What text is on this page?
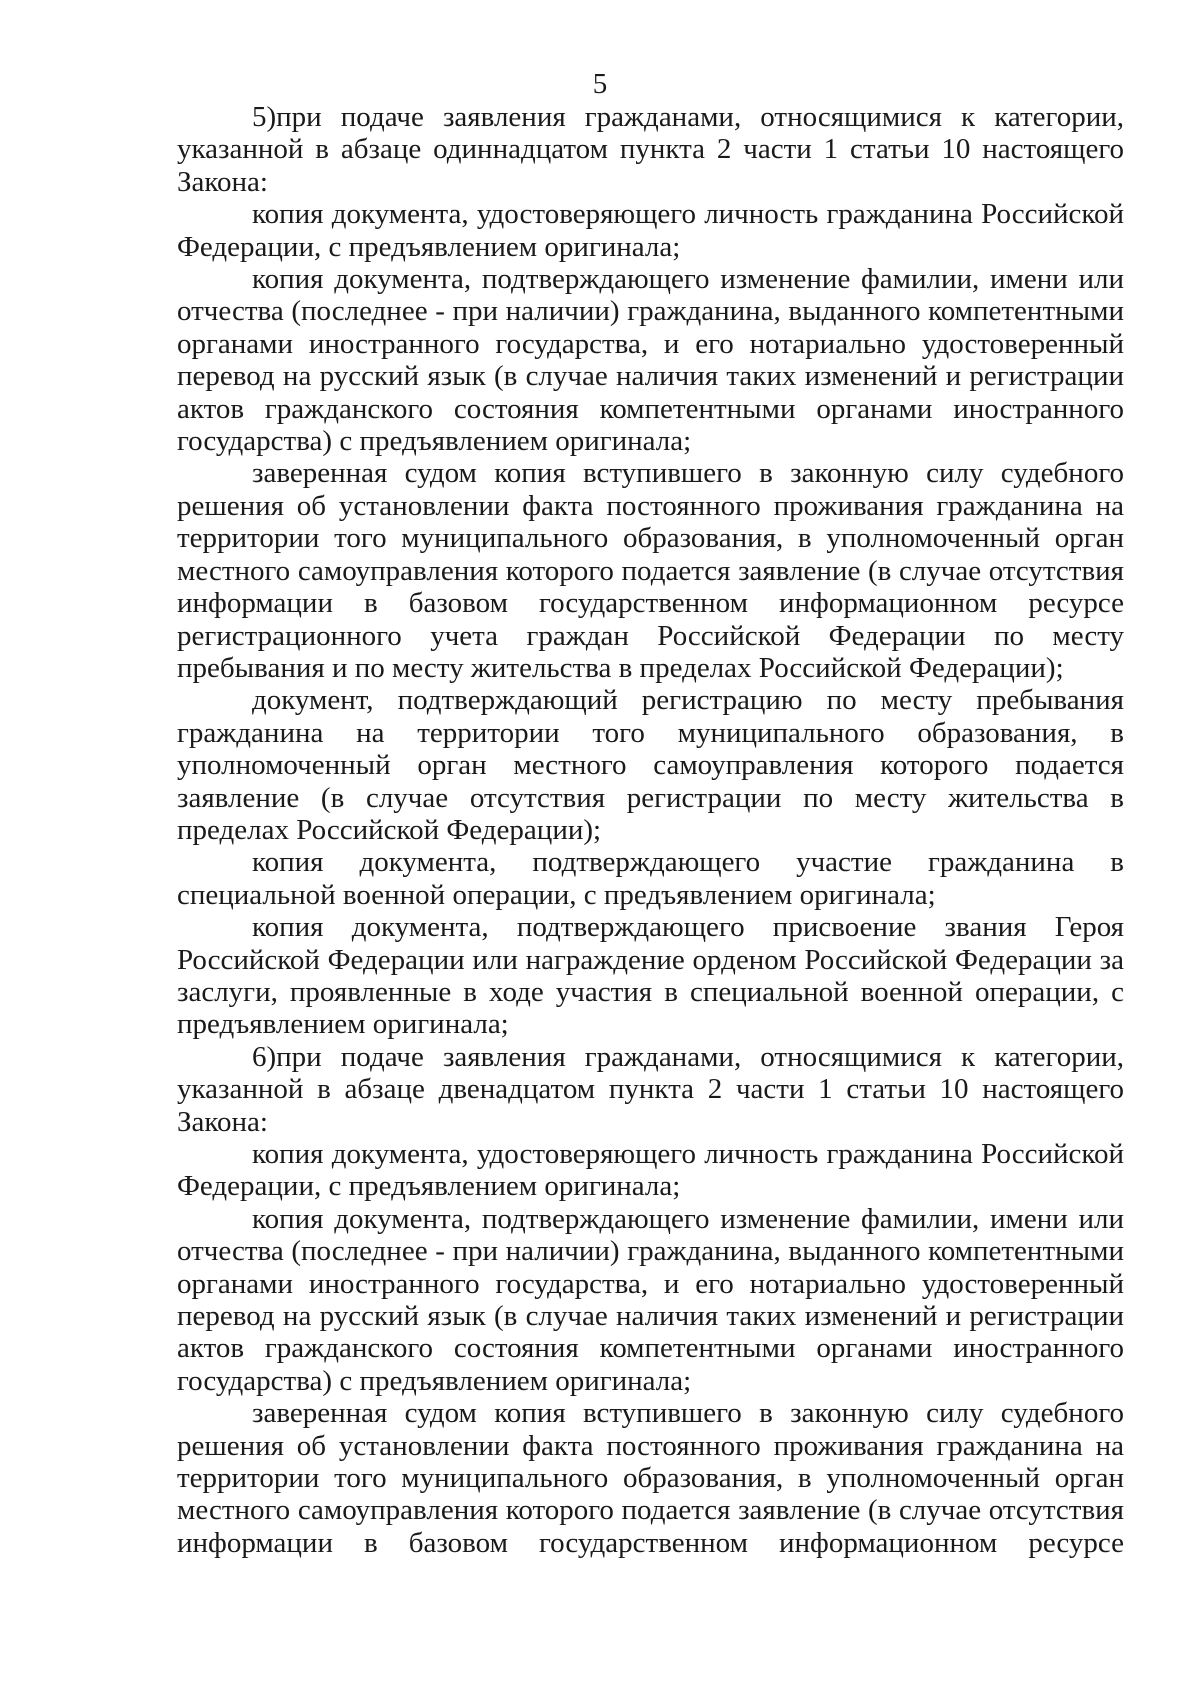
5

5)при подаче заявления гражданами, относящимися к категории, указанной в абзаце одиннадцатом пункта 2 части 1 статьи 10 настоящего Закона:

копия документа, удостоверяющего личность гражданина Российской Федерации, с предъявлением оригинала;

копия документа, подтверждающего изменение фамилии, имени или отчества (последнее - при наличии) гражданина, выданного компетентными органами иностранного государства, и его нотариально удостоверенный перевод на русский язык (в случае наличия таких изменений и регистрации актов гражданского состояния компетентными органами иностранного государства) с предъявлением оригинала;

заверенная судом копия вступившего в законную силу судебного решения об установлении факта постоянного проживания гражданина на территории того муниципального образования, в уполномоченный орган местного самоуправления которого подается заявление (в случае отсутствия информации в базовом государственном информационном ресурсе регистрационного учета граждан Российской Федерации по месту пребывания и по месту жительства в пределах Российской Федерации);

документ, подтверждающий регистрацию по месту пребывания гражданина на территории того муниципального образования, в уполномоченный орган местного самоуправления которого подается заявление (в случае отсутствия регистрации по месту жительства в пределах Российской Федерации);

копия документа, подтверждающего участие гражданина в специальной военной операции, с предъявлением оригинала;

копия документа, подтверждающего присвоение звания Героя Российской Федерации или награждение орденом Российской Федерации за заслуги, проявленные в ходе участия в специальной военной операции, с предъявлением оригинала;

6)при подаче заявления гражданами, относящимися к категории, указанной в абзаце двенадцатом пункта 2 части 1 статьи 10 настоящего Закона:

копия документа, удостоверяющего личность гражданина Российской Федерации, с предъявлением оригинала;

копия документа, подтверждающего изменение фамилии, имени или отчества (последнее - при наличии) гражданина, выданного компетентными органами иностранного государства, и его нотариально удостоверенный перевод на русский язык (в случае наличия таких изменений и регистрации актов гражданского состояния компетентными органами иностранного государства) с предъявлением оригинала;

заверенная судом копия вступившего в законную силу судебного решения об установлении факта постоянного проживания гражданина на территории того муниципального образования, в уполномоченный орган местного самоуправления которого подается заявление (в случае отсутствия информации в базовом государственном информационном ресурсе
